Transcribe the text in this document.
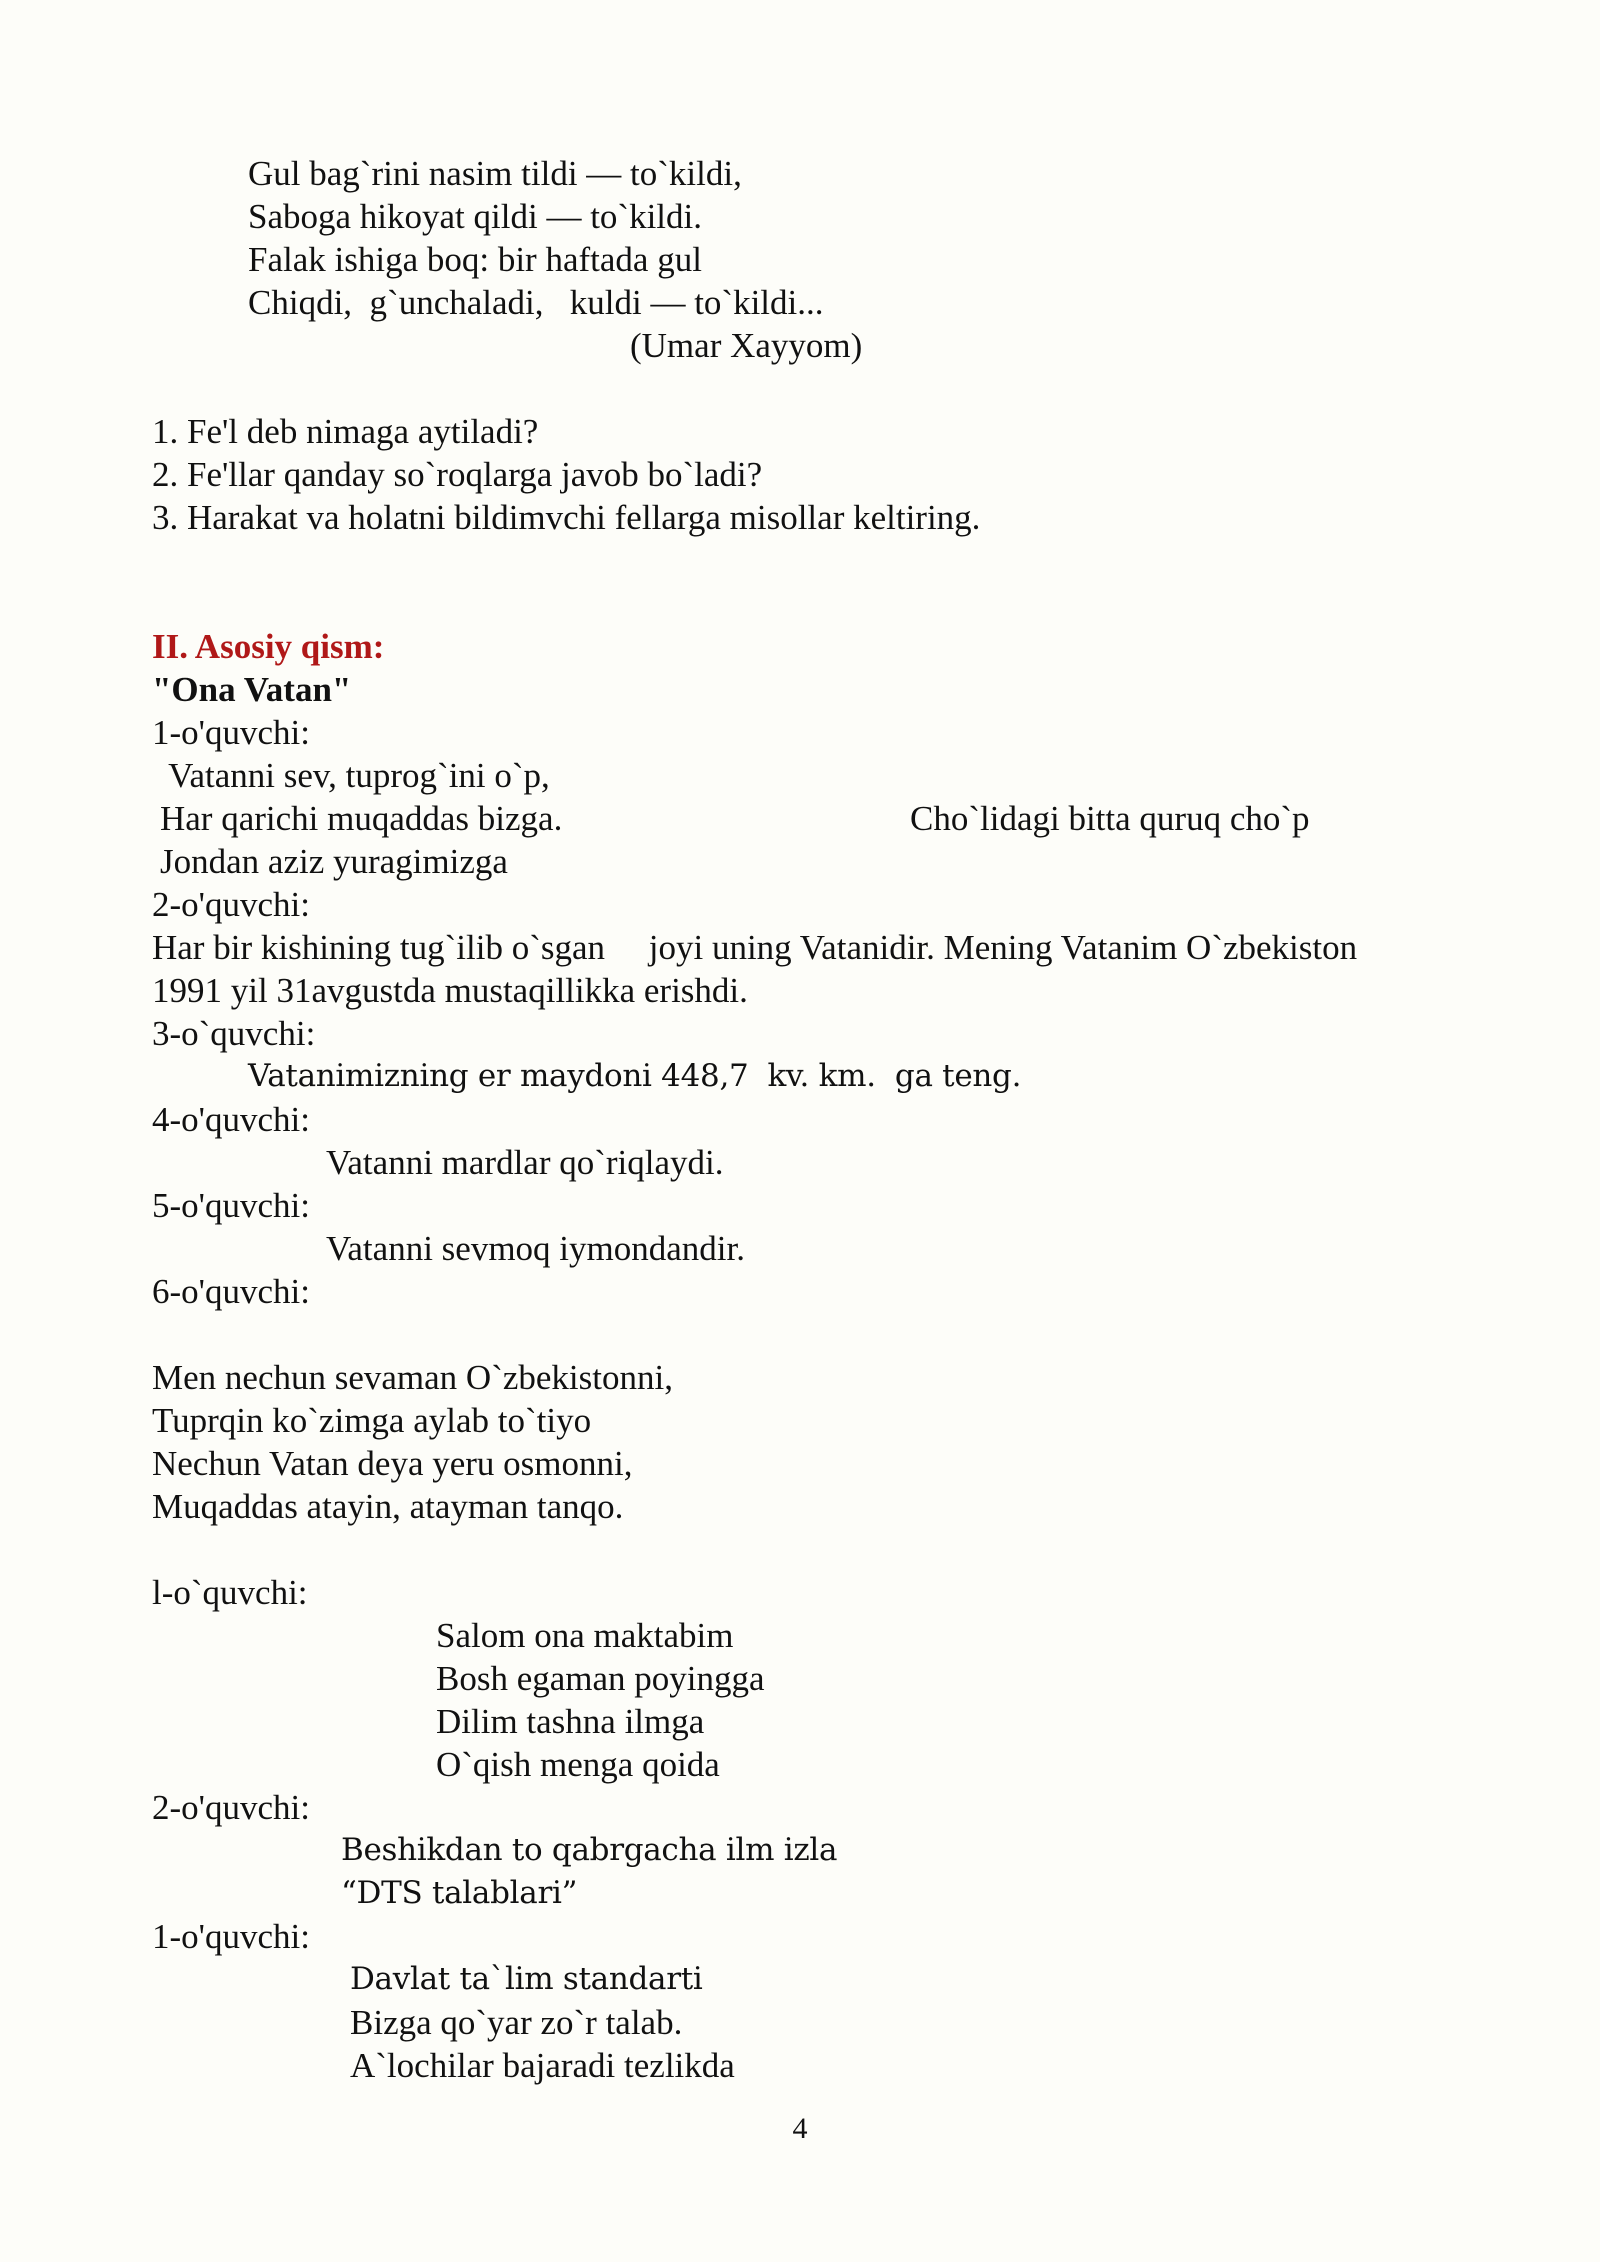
Gul bag`rini nasim tildi — to`kildi,
Saboga hikoyat qildi — to`kildi.
Falak ishiga boq: bir haftada gul
Chiqdi,  g`unchaladi,   kuldi — to`kildi...
(Umar Xayyom)
1. Fe'l deb nimaga aytiladi?
2. Fe'llar qanday so`roqlarga javob bo`ladi?
3. Harakat va holatni bildimvchi fellarga misollar keltiring.
II. Asosiy qism:
"Ona Vatan"
1-o'quvchi:
Vatanni sev, tuprog`ini o`p,
Har qarichi muqaddas bizga.	Cho`lidagi bitta quruq cho`p
Jondan aziz yuragimizga
2-o'quvchi:
Har bir kishining tug`ilib o`sgan     joyi uning Vatanidir. Mening Vatanim O`zbekiston
1991 yil 31avgustda mustaqillikka erishdi.
3-o`quvchi:
Vatanimizning er maydoni 448,7  kv. km.  ga teng.
4-o'quvchi:
Vatanni mardlar qo`riqlaydi.
5-o'quvchi:
Vatanni sevmoq iymondandir.
6-o'quvchi:
Men nechun sevaman O`zbekistonni,
Tuprqin ko`zimga aylab to`tiyo
Nechun Vatan deya yeru osmonni,
Muqaddas atayin, atayman tanqo.
l-o`quvchi:
Salom ona maktabim
Bosh egaman poyingga
Dilim tashna ilmga
O`qish menga qoida
2-o'quvchi:
Beshikdan to qabrgacha ilm izla
“DTS talablari”
1-o'quvchi:
Davlat ta`lim standarti
Bizga qo`yar zo`r talab.
A`lochilar bajaradi tezlikda
4
